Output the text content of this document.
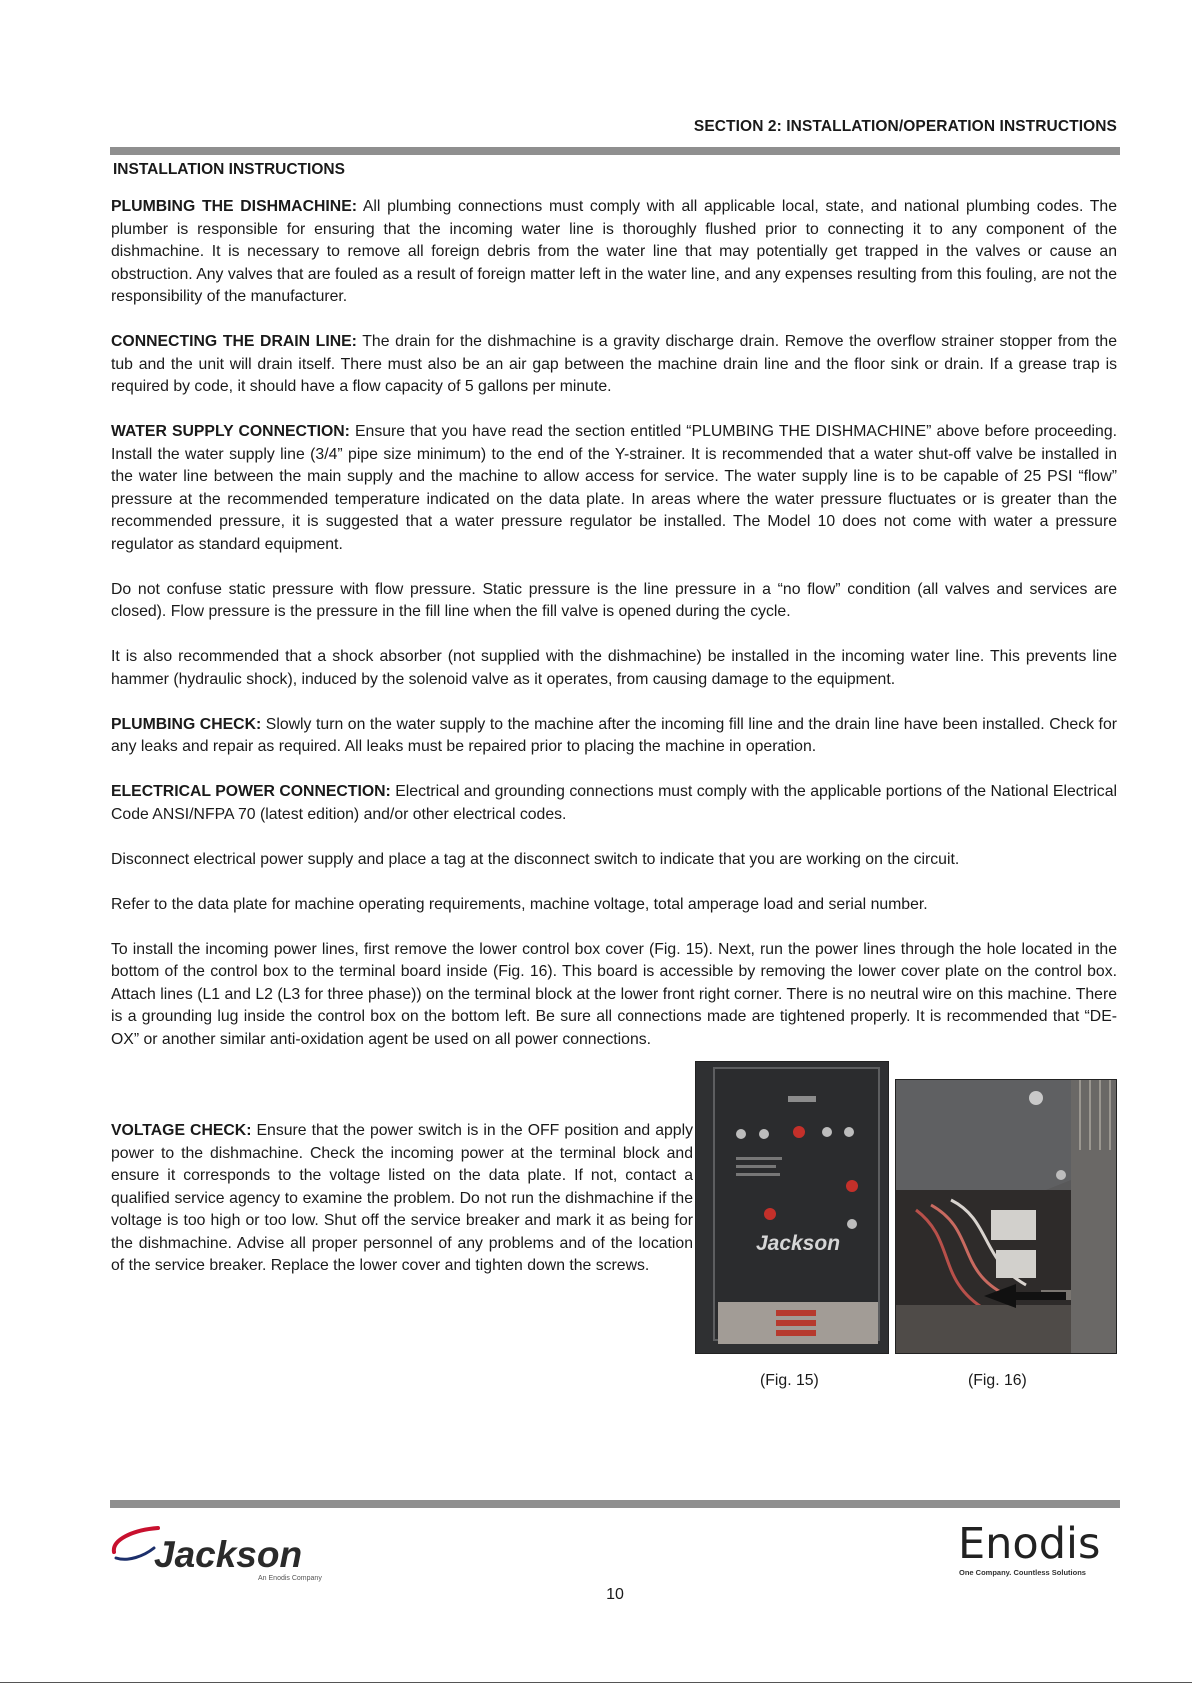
SECTION 2: INSTALLATION/OPERATION INSTRUCTIONS
INSTALLATION INSTRUCTIONS

PLUMBING THE DISHMACHINE: All plumbing connections must comply with all applicable local, state, and national plumbing codes. The plumber is responsible for ensuring that the incoming water line is thoroughly flushed prior to connecting it to any component of the dishmachine. It is necessary to remove all foreign debris from the water line that may potentially get trapped in the valves or cause an obstruction. Any valves that are fouled as a result of foreign matter left in the water line, and any expenses resulting from this fouling, are not the responsibility of the manufacturer.

CONNECTING THE DRAIN LINE: The drain for the dishmachine is a gravity discharge drain. Remove the overflow strainer stopper from the tub and the unit will drain itself. There must also be an air gap between the machine drain line and the floor sink or drain. If a grease trap is required by code, it should have a flow capacity of 5 gallons per minute.

WATER SUPPLY CONNECTION: Ensure that you have read the section entitled “PLUMBING THE DISHMACHINE” above before proceeding. Install the water supply line (3/4” pipe size minimum) to the end of the Y-strainer. It is recommended that a water shut-off valve be installed in the water line between the main supply and the machine to allow access for service. The water supply line is to be capable of 25 PSI “flow” pressure at the recommended temperature indicated on the data plate. In areas where the water pressure fluctuates or is greater than the recommended pressure, it is suggested that a water pressure regulator be installed. The Model 10 does not come with water a pressure regulator as standard equipment.

Do not confuse static pressure with flow pressure. Static pressure is the line pressure in a “no flow” condition (all valves and services are closed). Flow pressure is the pressure in the fill line when the fill valve is opened during the cycle.

It is also recommended that a shock absorber (not supplied with the dishmachine) be installed in the incoming water line. This prevents line hammer (hydraulic shock), induced by the solenoid valve as it operates, from causing damage to the equipment.

PLUMBING CHECK: Slowly turn on the water supply to the machine after the incoming fill line and the drain line have been installed. Check for any leaks and repair as required. All leaks must be repaired prior to placing the machine in operation.

ELECTRICAL POWER CONNECTION: Electrical and grounding connections must comply with the applicable portions of the National Electrical Code ANSI/NFPA 70 (latest edition) and/or other electrical codes.

Disconnect electrical power supply and place a tag at the disconnect switch to indicate that you are working on the circuit.

Refer to the data plate for machine operating requirements, machine voltage, total amperage load and serial number.

To install the incoming power lines, first remove the lower control box cover (Fig. 15). Next, run the power lines through the hole located in the bottom of the control box to the terminal board inside (Fig. 16). This board is accessible by removing the lower cover plate on the control box. Attach lines (L1 and L2 (L3 for three phase)) on the terminal block at the lower front right corner. There is no neutral wire on this machine. There is a grounding lug inside the control box on the bottom left. Be sure all connections made are tightened properly. It is recommended that “DE-OX” or another similar anti-oxidation agent be used on all power connections.

VOLTAGE CHECK: Ensure that the power switch is in the OFF position and apply power to the dishmachine. Check the incoming power at the terminal block and ensure it corresponds to the voltage listed on the data plate. If not, contact a qualified service agency to examine the problem. Do not run the dishmachine if the voltage is too high or too low. Shut off the service breaker and mark it as being for the dishmachine. Advise all proper personnel of any problems and of the location of the service breaker. Replace the lower cover and tighten down the screws.
Jackson
(Fig. 15)	(Fig. 16)
Jackson
An Enodis Company
Enodis
One Company. Countless Solutions
10
